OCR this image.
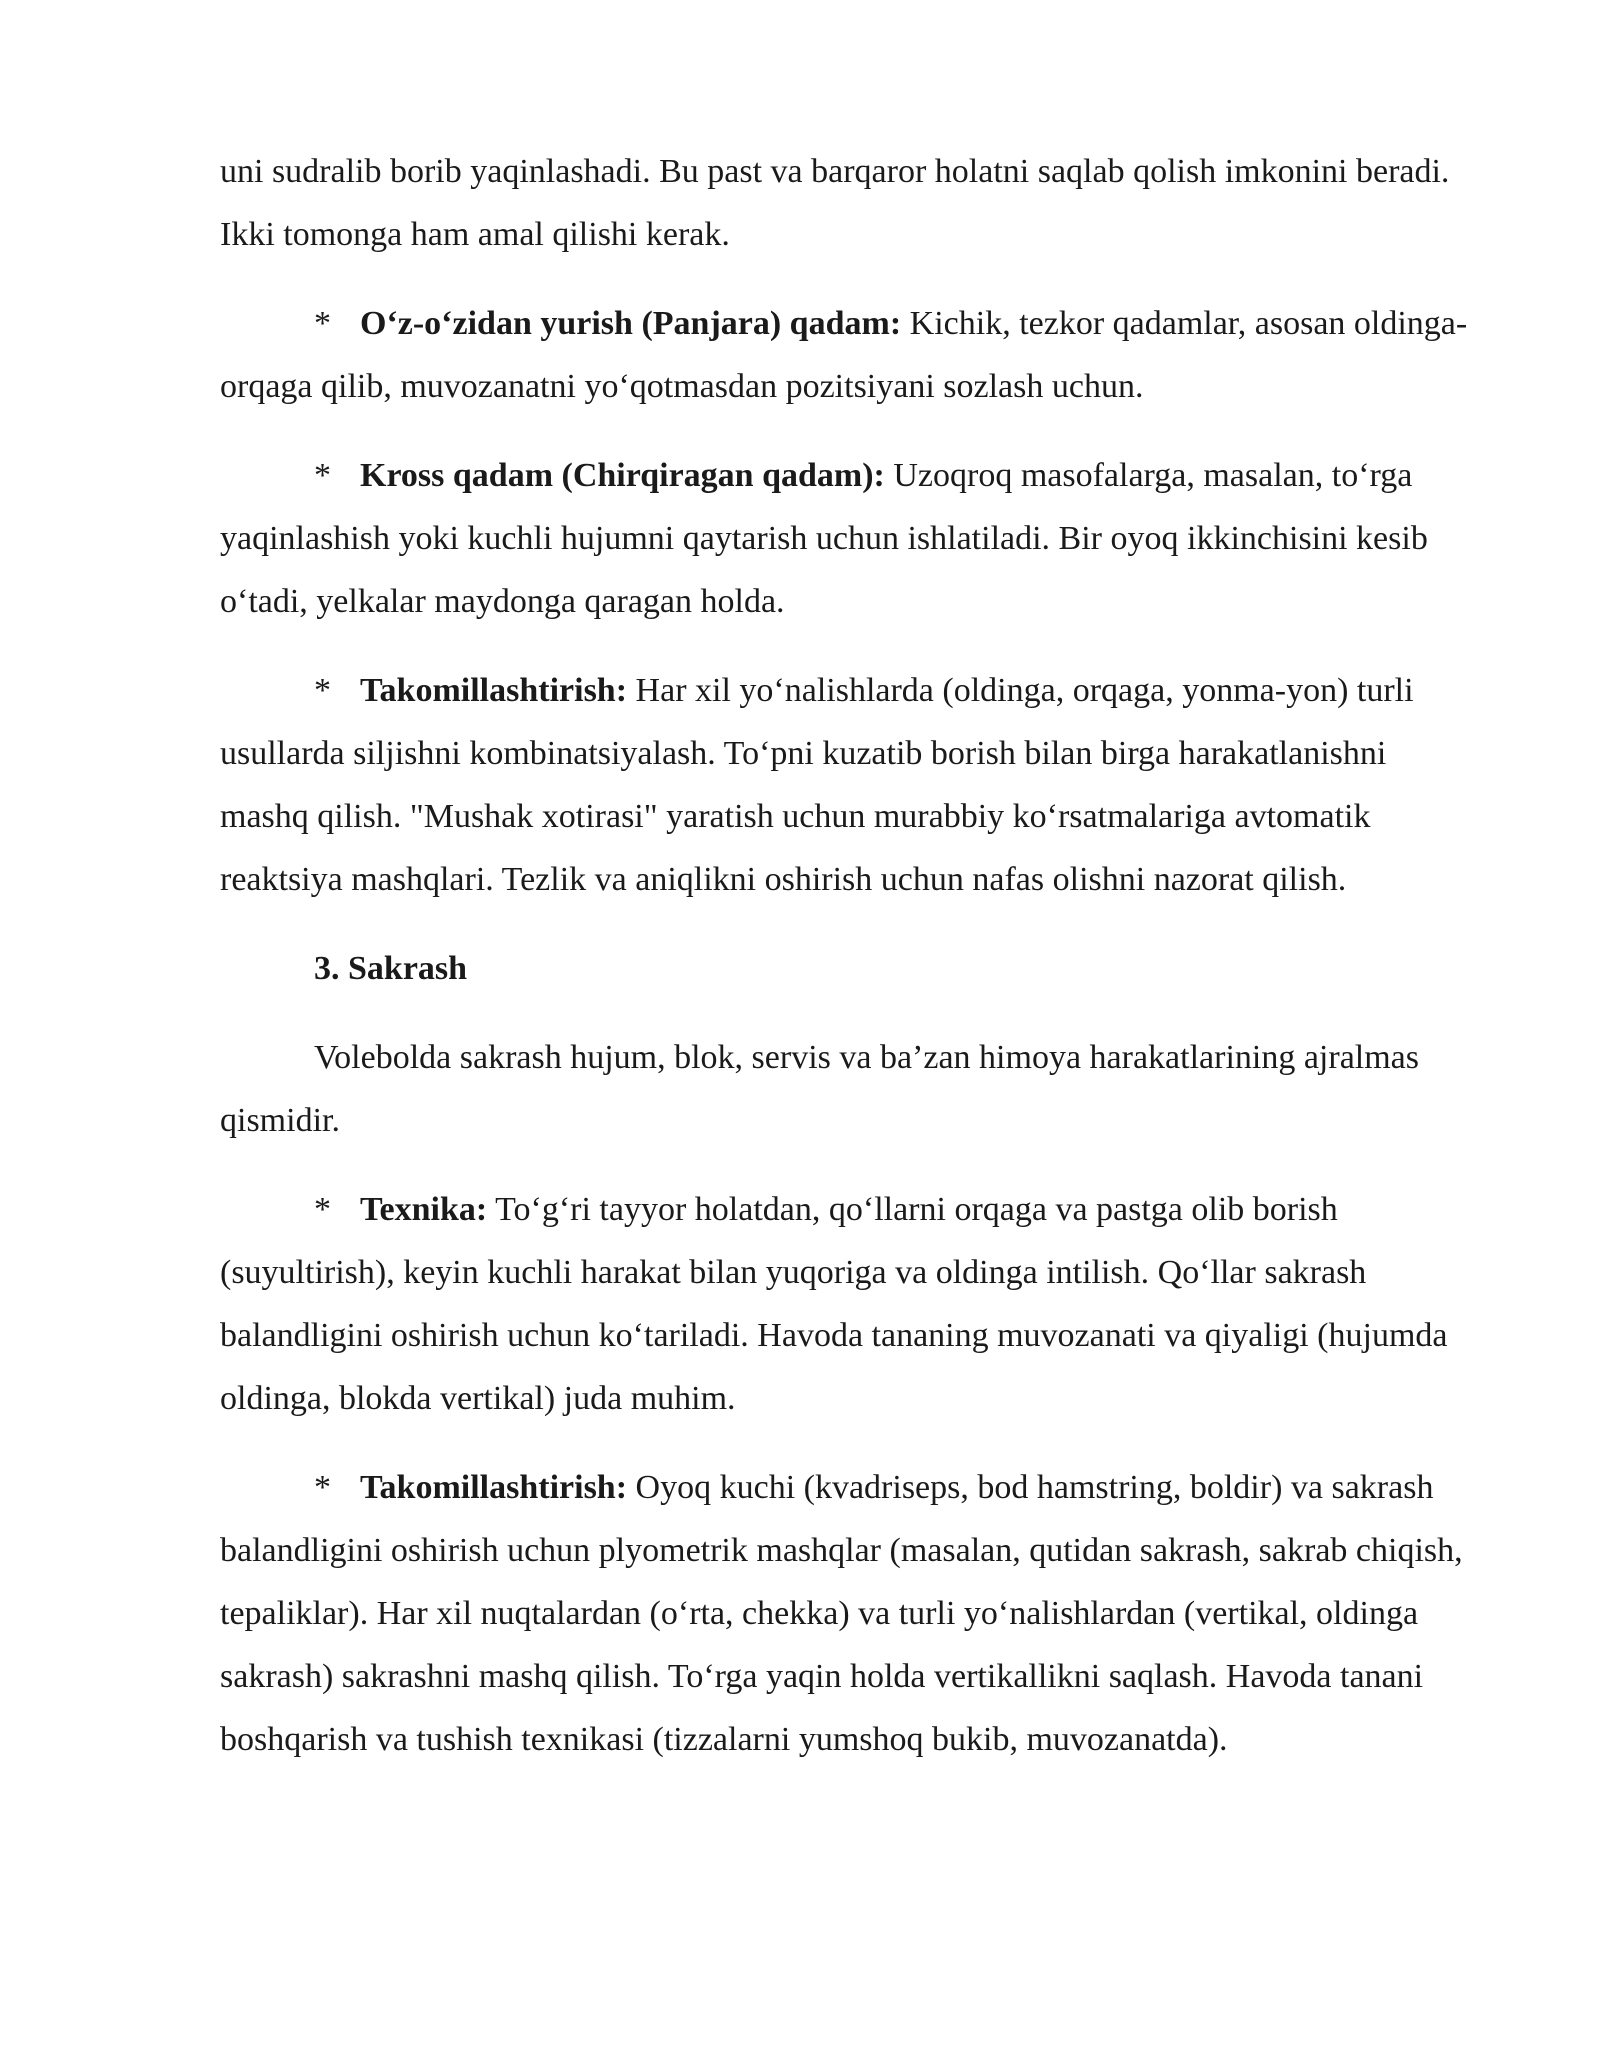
uni sudralib borib yaqinlashadi. Bu past va barqaror holatni saqlab qolish imkonini beradi. Ikki tomonga ham amal qilishi kerak.

* O‘z-o‘zidan yurish (Panjara) qadam: Kichik, tezkor qadamlar, asosan oldinga-orqaga qilib, muvozanatni yo‘qotmasdan pozitsiyani sozlash uchun.

* Kross qadam (Chirqiragan qadam): Uzoqroq masofalarga, masalan, to‘rga yaqinlashish yoki kuchli hujumni qaytarish uchun ishlatiladi. Bir oyoq ikkinchisini kesib o‘tadi, yelkalar maydonga qaragan holda.

* Takomillashtirish: Har xil yo‘nalishlarda (oldinga, orqaga, yonma-yon) turli usullarda siljishni kombinatsiyalash. To‘pni kuzatib borish bilan birga harakatlanishni mashq qilish. "Mushak xotirasi" yaratish uchun murabbiy ko‘rsatmalariga avtomatik reaktsiya mashqlari. Tezlik va aniqlikni oshirish uchun nafas olishni nazorat qilish.

3. Sakrash

Volebolda sakrash hujum, blok, servis va ba’zan himoya harakatlarining ajralmas qismidir.

* Texnika: To‘g‘ri tayyor holatdan, qo‘llarni orqaga va pastga olib borish (suyultirish), keyin kuchli harakat bilan yuqoriga va oldinga intilish. Qo‘llar sakrash balandligini oshirish uchun ko‘tariladi. Havoda tananing muvozanati va qiyaligi (hujumda oldinga, blokda vertikal) juda muhim.

* Takomillashtirish: Oyoq kuchi (kvadriseps, bod hamstring, boldir) va sakrash balandligini oshirish uchun plyometrik mashqlar (masalan, qutidan sakrash, sakrab chiqish, tepaliklar). Har xil nuqtalardan (o‘rta, chekka) va turli yo‘nalishlardan (vertikal, oldinga sakrash) sakrashni mashq qilish. To‘rga yaqin holda vertikallikni saqlash. Havoda tanani boshqarish va tushish texnikasi (tizzalarni yumshoq bukib, muvozanatda).
